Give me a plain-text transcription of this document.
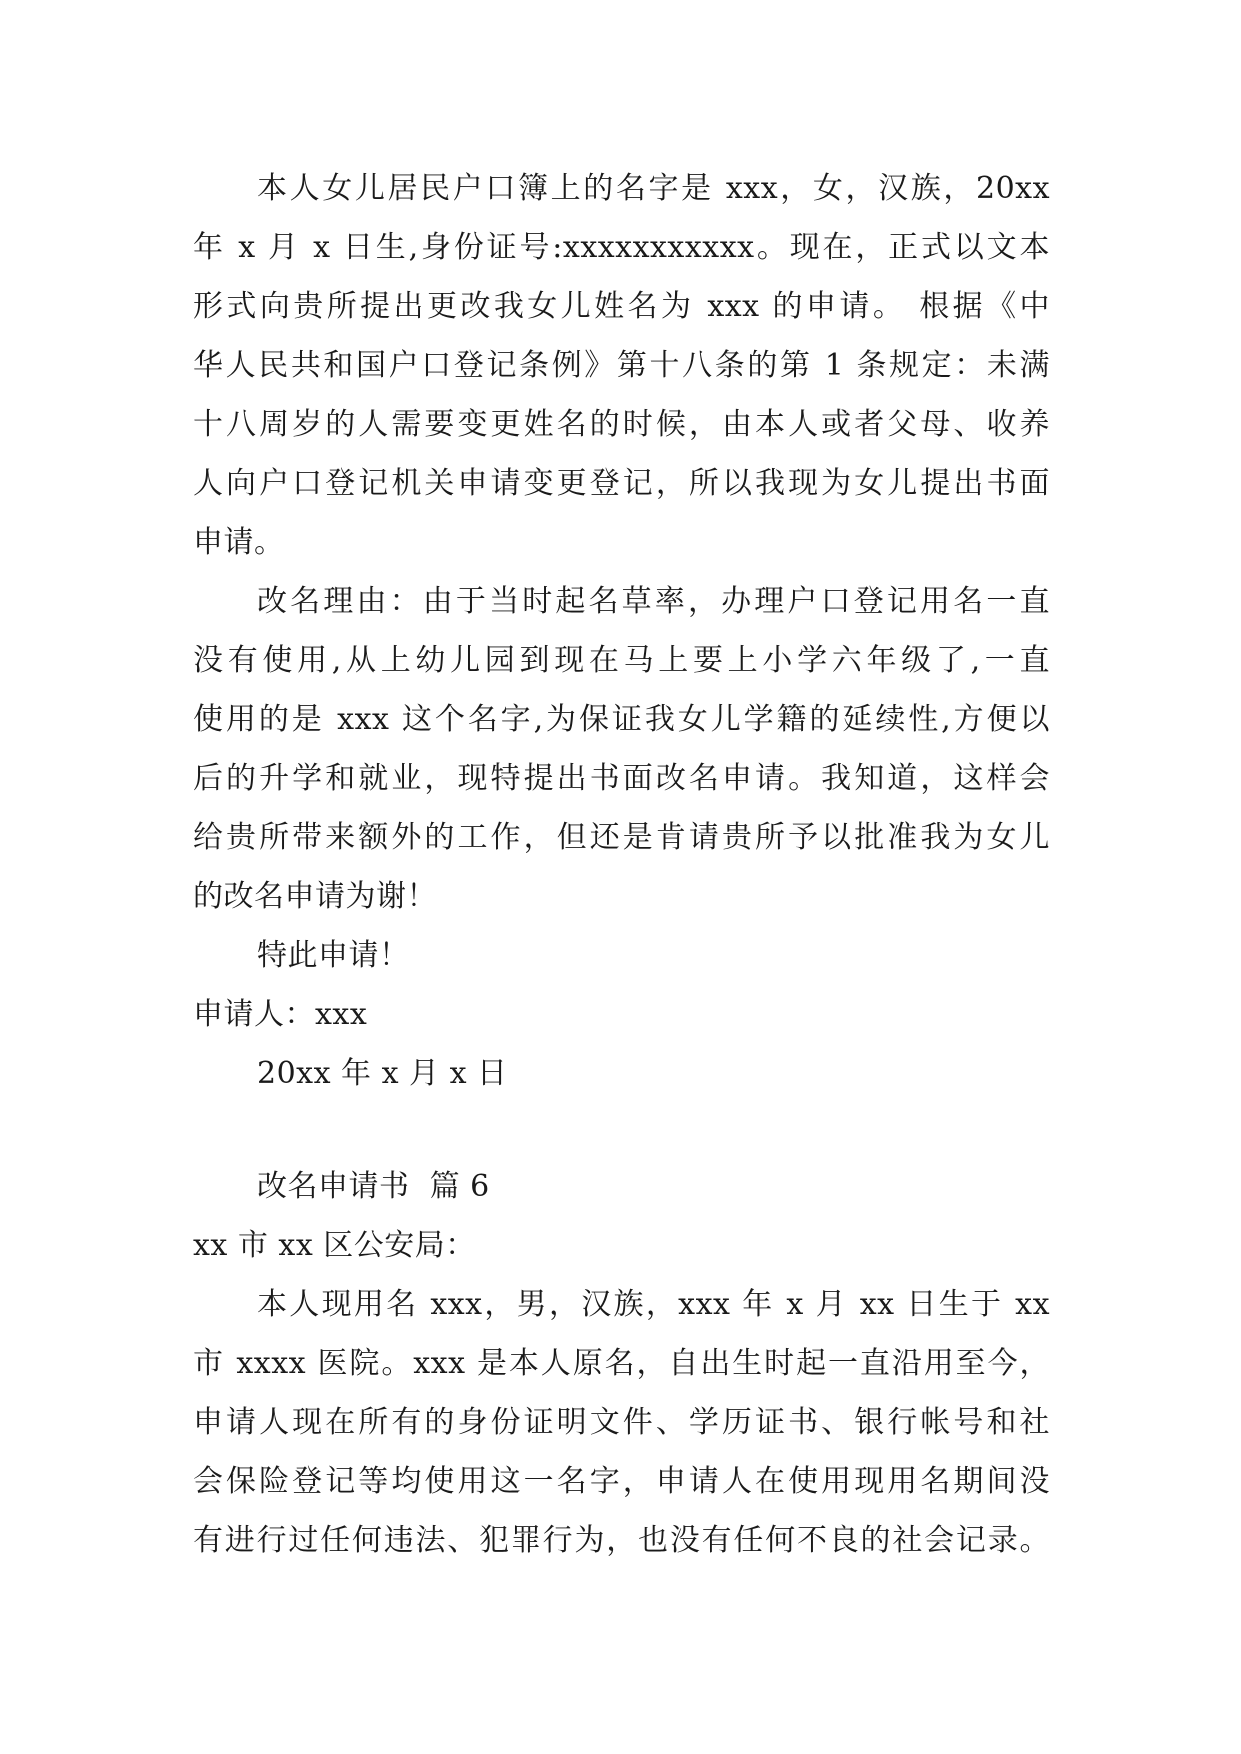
本人女儿居民户口簿上的名字是 xxx，女，汉族，20xx
年 x 月 x 日生,身份证号:xxxxxxxxxxx。现在，正式以文本
形式向贵所提出更改我女儿姓名为 xxx 的申请。 根据《中
华人民共和国户口登记条例》第十八条的第 1 条规定：未满
十八周岁的人需要变更姓名的时候，由本人或者父母、收养
人向户口登记机关申请变更登记，所以我现为女儿提出书面
申请。
改名理由：由于当时起名草率，办理户口登记用名一直
没有使用,从上幼儿园到现在马上要上小学六年级了,一直
使用的是 xxx 这个名字,为保证我女儿学籍的延续性,方便以
后的升学和就业，现特提出书面改名申请。我知道，这样会
给贵所带来额外的工作，但还是肯请贵所予以批准我为女儿
的改名申请为谢！
特此申请！
申请人：xxx
20xx 年 x 月 x 日
改名申请书  篇 6
xx 市 xx 区公安局：
本人现用名 xxx，男，汉族，xxx 年 x 月 xx 日生于 xx
市 xxxx 医院。xxx 是本人原名，自出生时起一直沿用至今，
申请人现在所有的身份证明文件、学历证书、银行帐号和社
会保险登记等均使用这一名字，申请人在使用现用名期间没
有进行过任何违法、犯罪行为，也没有任何不良的社会记录。
